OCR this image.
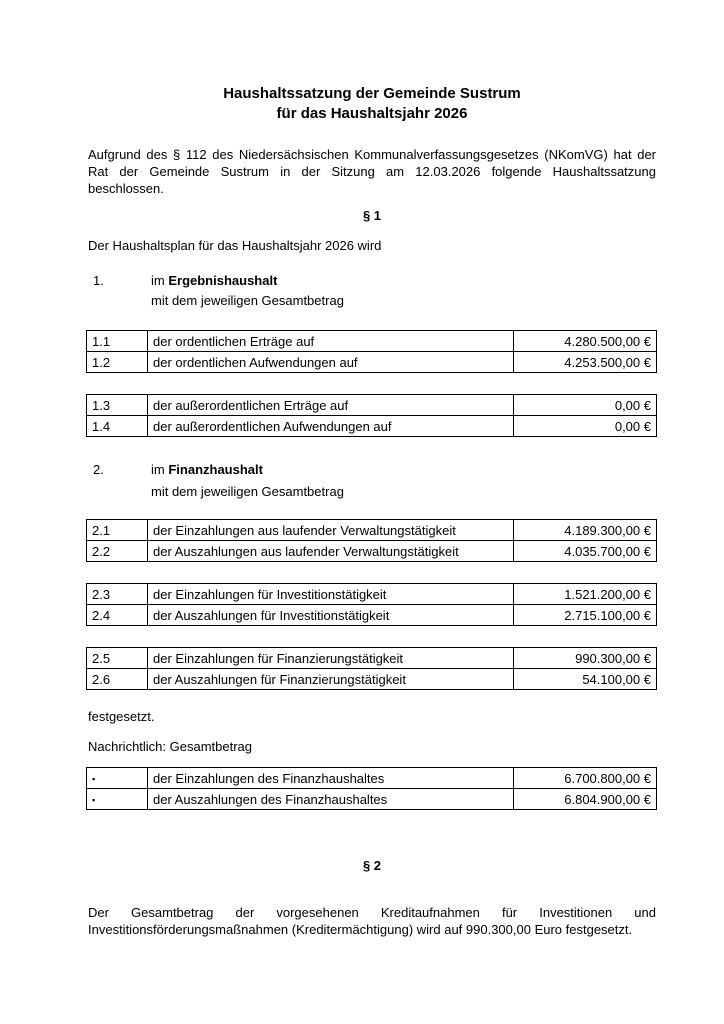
Haushaltssatzung der Gemeinde Sustrum
für das Haushaltsjahr 2026
Aufgrund des § 112 des Niedersächsischen Kommunalverfassungsgesetzes (NKomVG) hat der Rat der Gemeinde Sustrum in der Sitzung am 12.03.2026 folgende Haushaltssatzung beschlossen.
§ 1
Der Haushaltsplan für das Haushaltsjahr 2026 wird
1.	im Ergebnishaushalt
mit dem jeweiligen Gesamtbetrag
1.1	der ordentlichen Erträge auf	4.280.500,00 €
1.2	der ordentlichen Aufwendungen auf	4.253.500,00 €
1.3	der außerordentlichen Erträge auf	0,00 €
1.4	der außerordentlichen Aufwendungen auf	0,00 €
2.	im Finanzhaushalt
mit dem jeweiligen Gesamtbetrag
2.1	der Einzahlungen aus laufender Verwaltungstätigkeit	4.189.300,00 €
2.2	der Auszahlungen aus laufender Verwaltungstätigkeit	4.035.700,00 €
2.3	der Einzahlungen für Investitionstätigkeit	1.521.200,00 €
2.4	der Auszahlungen für Investitionstätigkeit	2.715.100,00 €
2.5	der Einzahlungen für Finanzierungstätigkeit	990.300,00 €
2.6	der Auszahlungen für Finanzierungstätigkeit	54.100,00 €
festgesetzt.
Nachrichtlich: Gesamtbetrag
▪	der Einzahlungen des Finanzhaushaltes	6.700.800,00 €
▪	der Auszahlungen des Finanzhaushaltes	6.804.900,00 €
§ 2
Der Gesamtbetrag der vorgesehenen Kreditaufnahmen für Investitionen und Investitionsförderungsmaßnahmen (Kreditermächtigung) wird auf 990.300,00 Euro festgesetzt.
